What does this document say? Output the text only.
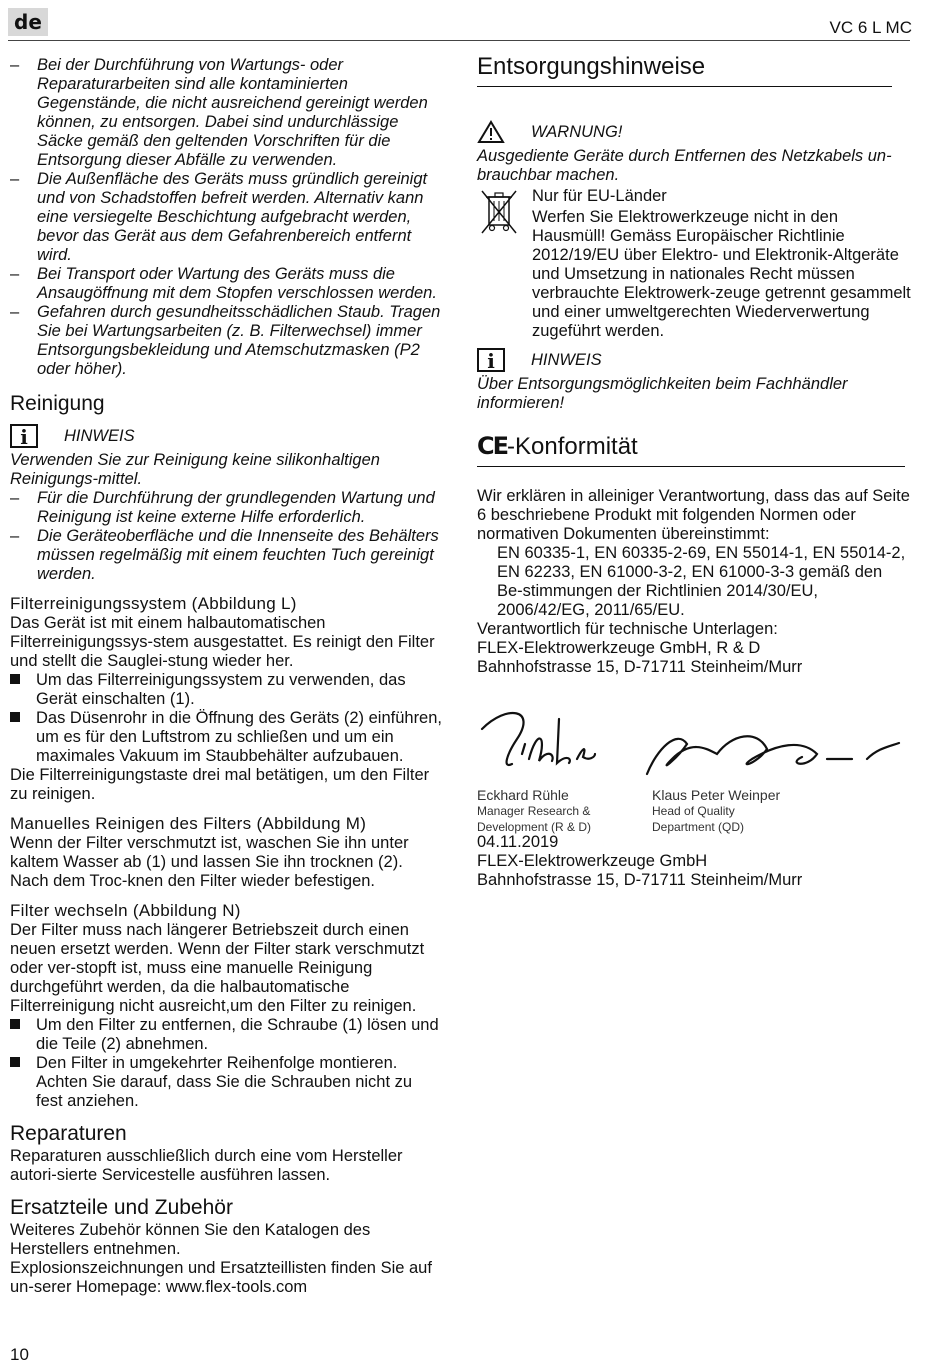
de	VC 6 L MC

– Bei der Durchführung von Wartungs- oder Reparaturarbeiten sind alle kontaminierten Gegenstände, die nicht ausreichend gereinigt werden können, zu entsorgen. Dabei sind undurchlässige Säcke gemäß den geltenden Vorschriften für die Entsorgung dieser Abfälle zu verwenden.

– Die Außenfläche des Geräts muss gründlich gereinigt und von Schadstoffen befreit werden. Alternativ kann eine versiegelte Beschichtung aufgebracht werden, bevor das Gerät aus dem Gefahrenbereich entfernt wird.

– Bei Transport oder Wartung des Geräts muss die Ansaugöffnung mit dem Stopfen verschlossen werden.

– Gefahren durch gesundheitsschädlichen Staub. Tragen Sie bei Wartungsarbeiten (z. B. Filterwechsel) immer Entsorgungsbekleidung und Atemschutzmasken (P2 oder höher).

Reinigung
i	HINWEIS

Verwenden Sie zur Reinigung keine silikonhaltigen Reinigungs-mittel.

– Für die Durchführung der grundlegenden Wartung und Reinigung ist keine externe Hilfe erforderlich.

– Die Geräteoberfläche und die Innenseite des Behälters müssen regelmäßig mit einem feuchten Tuch gereinigt werden.

Filterreinigungssystem (Abbildung L)

Das Gerät ist mit einem halbautomatischen Filterreinigungssys-stem ausgestattet. Es reinigt den Filter und stellt die Sauglei-stung wieder her.

Um das Filterreinigungssystem zu verwenden, das Gerät einschalten (1).

Das Düsenrohr in die Öffnung des Geräts (2) einführen, um es für den Luftstrom zu schließen und um ein maximales Vakuum im Staubbehälter aufzubauen.

Die Filterreinigungstaste drei mal betätigen, um den Filter zu reinigen.

Manuelles Reinigen des Filters (Abbildung M)

Wenn der Filter verschmutzt ist, waschen Sie ihn unter kaltem Wasser ab (1) und lassen Sie ihn trocknen (2). Nach dem Troc-knen den Filter wieder befestigen.

Filter wechseln (Abbildung N)

Der Filter muss nach längerer Betriebszeit durch einen neuen ersetzt werden. Wenn der Filter stark verschmutzt oder ver-stopft ist, muss eine manuelle Reinigung durchgeführt werden, da die halbautomatische Filterreinigung nicht ausreicht,um den Filter zu reinigen.

Um den Filter zu entfernen, die Schraube (1) lösen und die Teile (2) abnehmen.

Den Filter in umgekehrter Reihenfolge montieren. Achten Sie darauf, dass Sie die Schrauben nicht zu fest anziehen.

Reparaturen

Reparaturen ausschließlich durch eine vom Hersteller autori-sierte Servicestelle ausführen lassen.

Ersatzteile und Zubehör

Weiteres Zubehör können Sie den Katalogen des Herstellers entnehmen.

Explosionszeichnungen und Ersatzteillisten finden Sie auf un-serer Homepage: www.flex-tools.com

Entsorgungshinweise
WARNUNG!

Ausgediente Geräte durch Entfernen des Netzkabels un-brauchbar machen.

Nur für EU-Länder

Werfen Sie Elektrowerkzeuge nicht in den Hausmüll! Gemäss Europäischer Richtlinie 2012/19/EU über Elektro- und Elektronik-Altgeräte und Umsetzung in nationales Recht müssen verbrauchte Elektrowerk-zeuge getrennt gesammelt und einer umweltgerechten Wiederverwertung zugeführt werden.

i	HINWEIS

Über Entsorgungsmöglichkeiten beim Fachhändler informieren!

CE-Konformität

Wir erklären in alleiniger Verantwortung, dass das auf Seite 6 beschriebene Produkt mit folgenden Normen oder normativen Dokumenten übereinstimmt:

EN 60335-1, EN 60335-2-69, EN 55014-1, EN 55014-2, EN 62233, EN 61000-3-2, EN 61000-3-3 gemäß den Be-stimmungen der Richtlinien 2014/30/EU, 2006/42/EG, 2011/65/EU.

Verantwortlich für technische Unterlagen:

FLEX-Elektrowerkzeuge GmbH, R & D

Bahnhofstrasse 15, D-71711 Steinheim/Murr

Eckhard Rühle
Manager Research &
Development (R & D)
Klaus Peter Weinper
Head of Quality
Department (QD)

04.11.2019

FLEX-Elektrowerkzeuge GmbH

Bahnhofstrasse 15, D-71711 Steinheim/Murr

10
